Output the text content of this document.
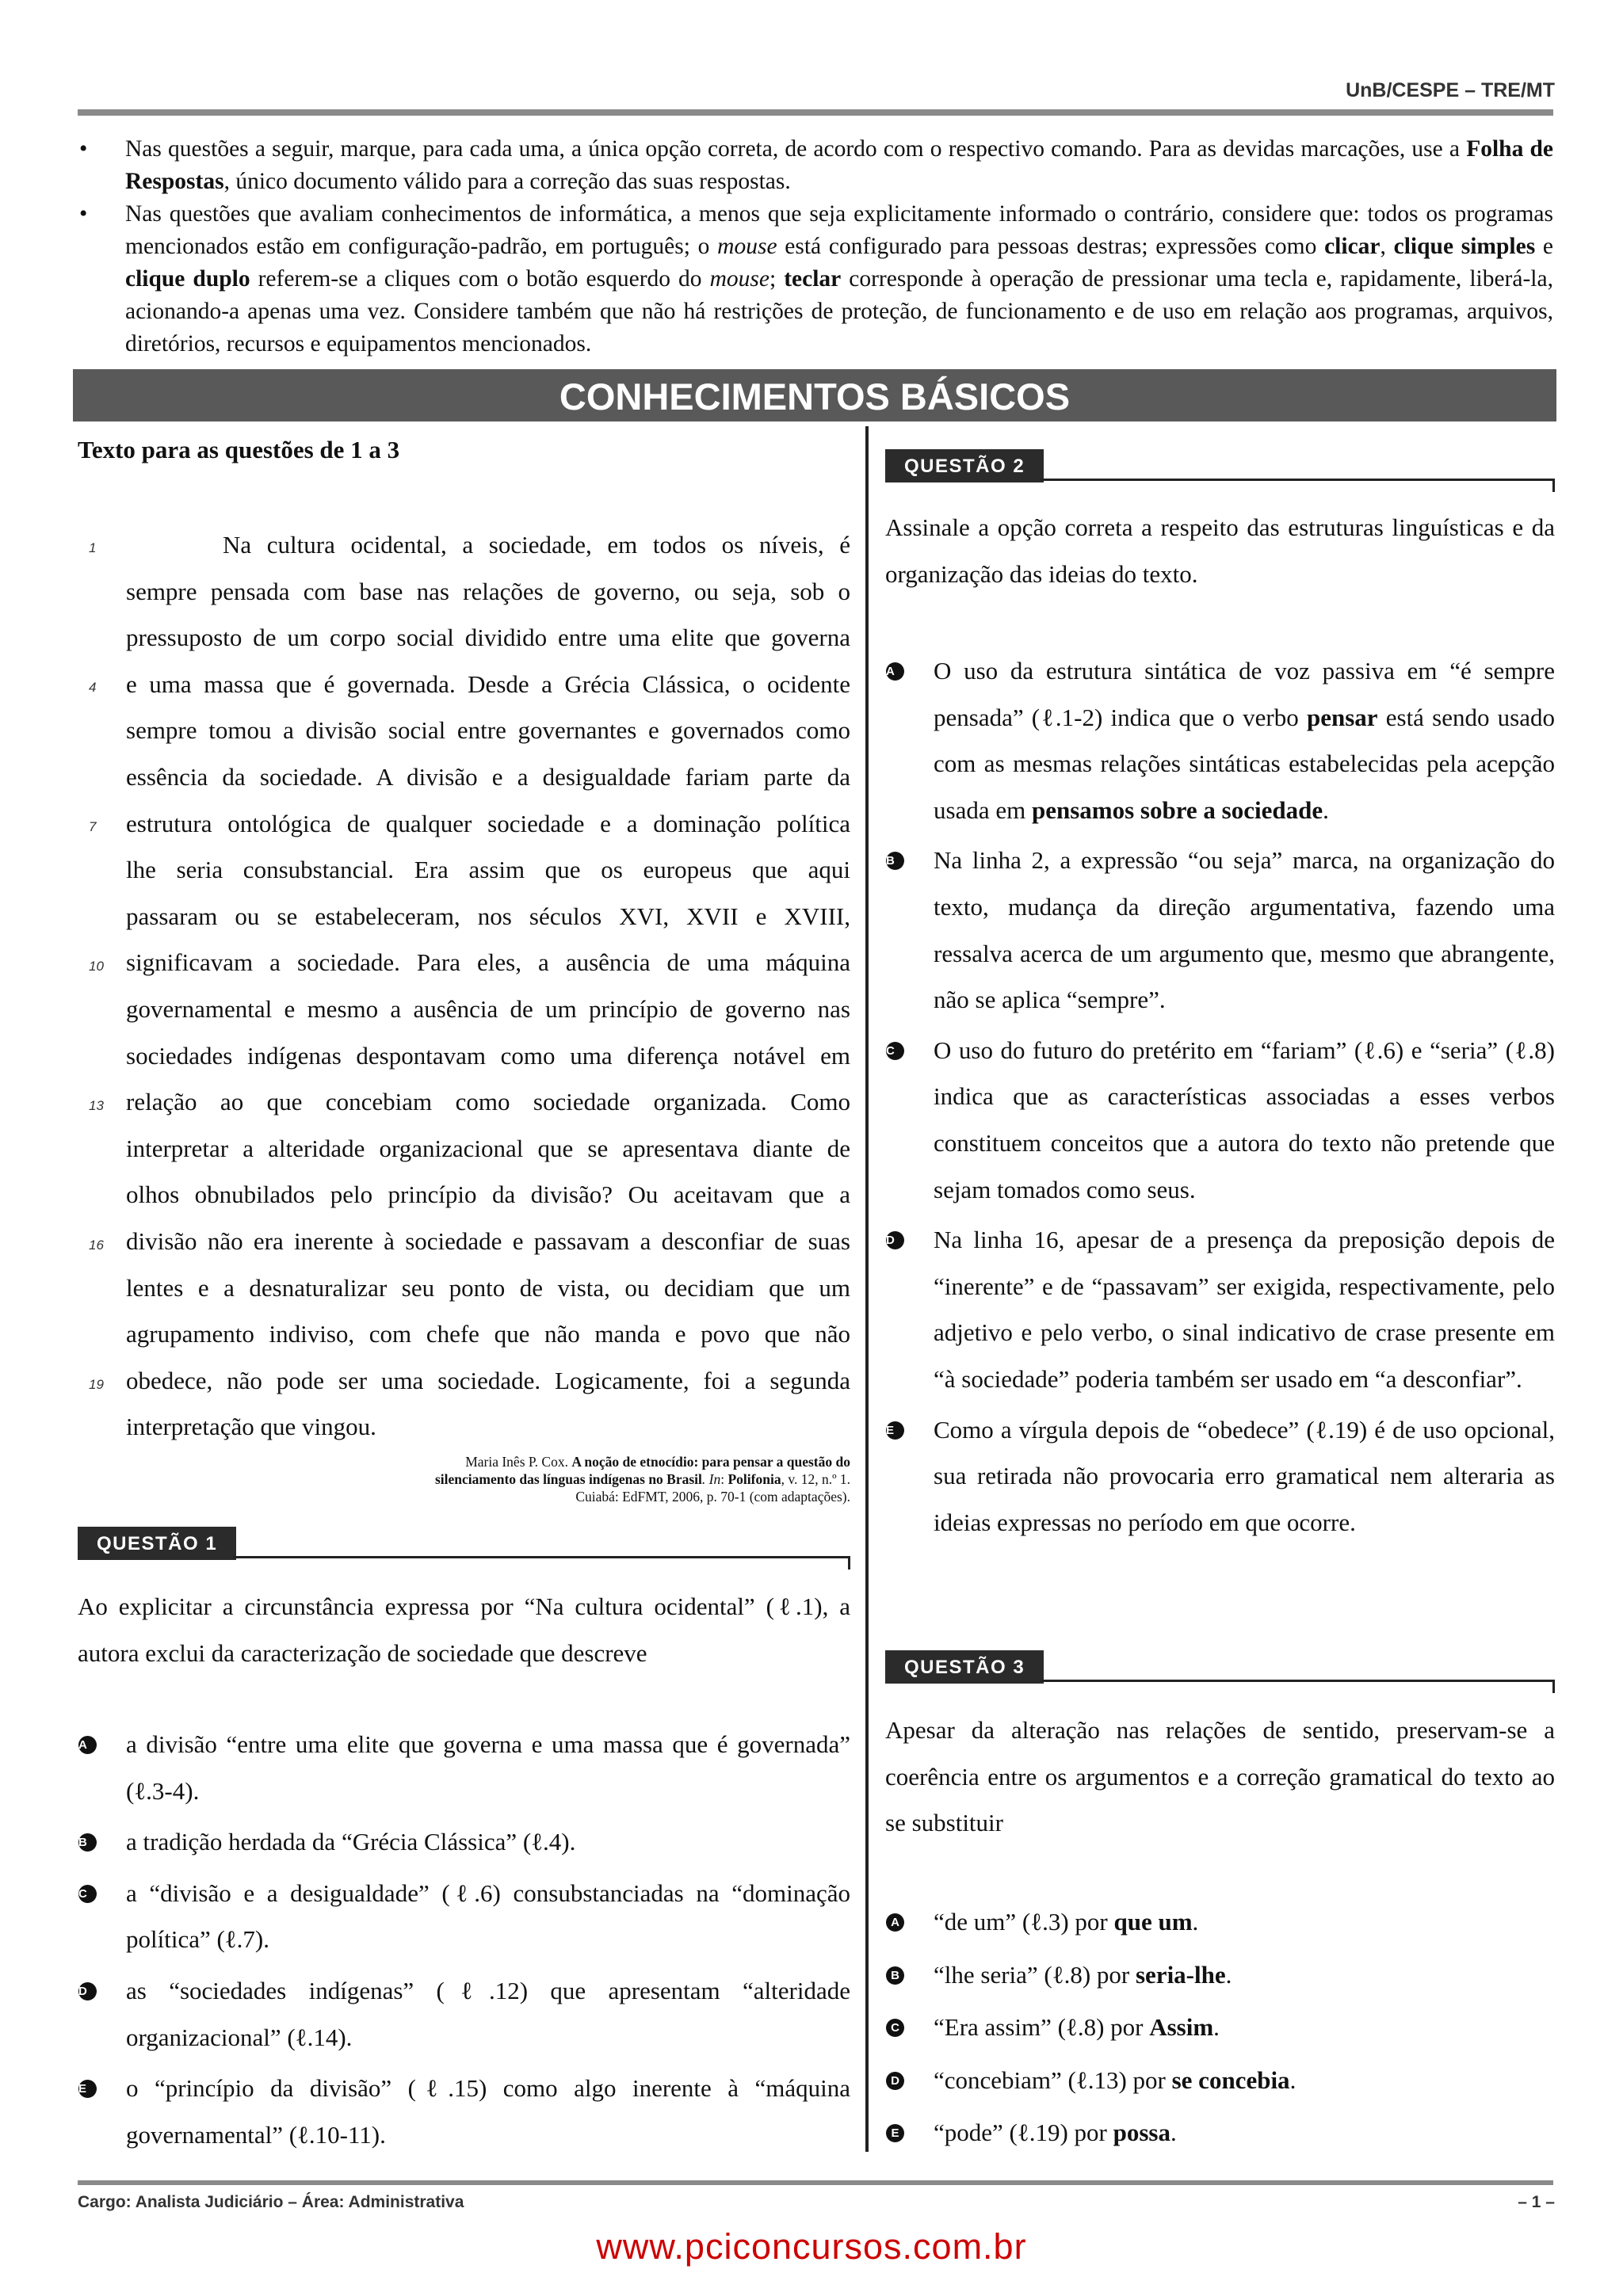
UnB/CESPE – TRE/MT
• Nas questões a seguir, marque, para cada uma, a única opção correta, de acordo com o respectivo comando. Para as devidas marcações, use a Folha de Respostas, único documento válido para a correção das suas respostas.
• Nas questões que avaliam conhecimentos de informática, a menos que seja explicitamente informado o contrário, considere que: todos os programas mencionados estão em configuração-padrão, em português; o mouse está configurado para pessoas destras; expressões como clicar, clique simples e clique duplo referem-se a cliques com o botão esquerdo do mouse; teclar corresponde à operação de pressionar uma tecla e, rapidamente, liberá-la, acionando-a apenas uma vez. Considere também que não há restrições de proteção, de funcionamento e de uso em relação aos programas, arquivos, diretórios, recursos e equipamentos mencionados.
CONHECIMENTOS BÁSICOS
Texto para as questões de 1 a 3
1
4
7
10
13
16
19
Na cultura ocidental, a sociedade, em todos os níveis, é
sempre pensada com base nas relações de governo, ou seja, sob o
pressuposto de um corpo social dividido entre uma elite que governa
e uma massa que é governada. Desde a Grécia Clássica, o ocidente
sempre tomou a divisão social entre governantes e governados como
essência da sociedade. A divisão e a desigualdade fariam parte da
estrutura ontológica de qualquer sociedade e a dominação política
lhe seria consubstancial. Era assim que os europeus que aqui
passaram ou se estabeleceram, nos séculos XVI, XVII e XVIII,
significavam a sociedade. Para eles, a ausência de uma máquina
governamental e mesmo a ausência de um princípio de governo nas
sociedades indígenas despontavam como uma diferença notável em
relação ao que concebiam como sociedade organizada. Como
interpretar a alteridade organizacional que se apresentava diante de
olhos obnubilados pelo princípio da divisão? Ou aceitavam que a
divisão não era inerente à sociedade e passavam a desconfiar de suas
lentes e a desnaturalizar seu ponto de vista, ou decidiam que um
agrupamento indiviso, com chefe que não manda e povo que não
obedece, não pode ser uma sociedade. Logicamente, foi a segunda
interpretação que vingou.
Maria Inês P. Cox. A noção de etnocídio: para pensar a questão do silenciamento das línguas indígenas no Brasil. In: Polifonia, v. 12, n.º 1. Cuiabá: EdFMT, 2006, p. 70-1 (com adaptações).
QUESTÃO 1
Ao explicitar a circunstância expressa por “Na cultura ocidental” (ℓ.1), a autora exclui da caracterização de sociedade que descreve
A	a divisão “entre uma elite que governa e uma massa que é governada” (ℓ.3-4).
B	a tradição herdada da “Grécia Clássica” (ℓ.4).
C	a “divisão e a desigualdade” (ℓ.6) consubstanciadas na “dominação política” (ℓ.7).
D	as “sociedades indígenas” (ℓ.12) que apresentam “alteridade organizacional” (ℓ.14).
E	o “princípio da divisão” (ℓ.15) como algo inerente à “máquina governamental” (ℓ.10-11).
QUESTÃO 2
Assinale a opção correta a respeito das estruturas linguísticas e da organização das ideias do texto.
A	O uso da estrutura sintática de voz passiva em “é sempre pensada” (ℓ.1-2) indica que o verbo pensar está sendo usado com as mesmas relações sintáticas estabelecidas pela acepção usada em pensamos sobre a sociedade.
B	Na linha 2, a expressão “ou seja” marca, na organização do texto, mudança da direção argumentativa, fazendo uma ressalva acerca de um argumento que, mesmo que abrangente, não se aplica “sempre”.
C	O uso do futuro do pretérito em “fariam” (ℓ.6) e “seria” (ℓ.8) indica que as características associadas a esses verbos constituem conceitos que a autora do texto não pretende que sejam tomados como seus.
D	Na linha 16, apesar de a presença da preposição depois de “inerente” e de “passavam” ser exigida, respectivamente, pelo adjetivo e pelo verbo, o sinal indicativo de crase presente em “à sociedade” poderia também ser usado em “a desconfiar”.
E	Como a vírgula depois de “obedece” (ℓ.19) é de uso opcional, sua retirada não provocaria erro gramatical nem alteraria as ideias expressas no período em que ocorre.
QUESTÃO 3
Apesar da alteração nas relações de sentido, preservam-se a coerência entre os argumentos e a correção gramatical do texto ao se substituir
A “de um” (ℓ.3) por que um.
B “lhe seria” (ℓ.8) por seria-lhe.
C “Era assim” (ℓ.8) por Assim.
D “concebiam” (ℓ.13) por se concebia.
E “pode” (ℓ.19) por possa.
Cargo: Analista Judiciário – Área: Administrativa	– 1 –
www.pciconcursos.com.br
